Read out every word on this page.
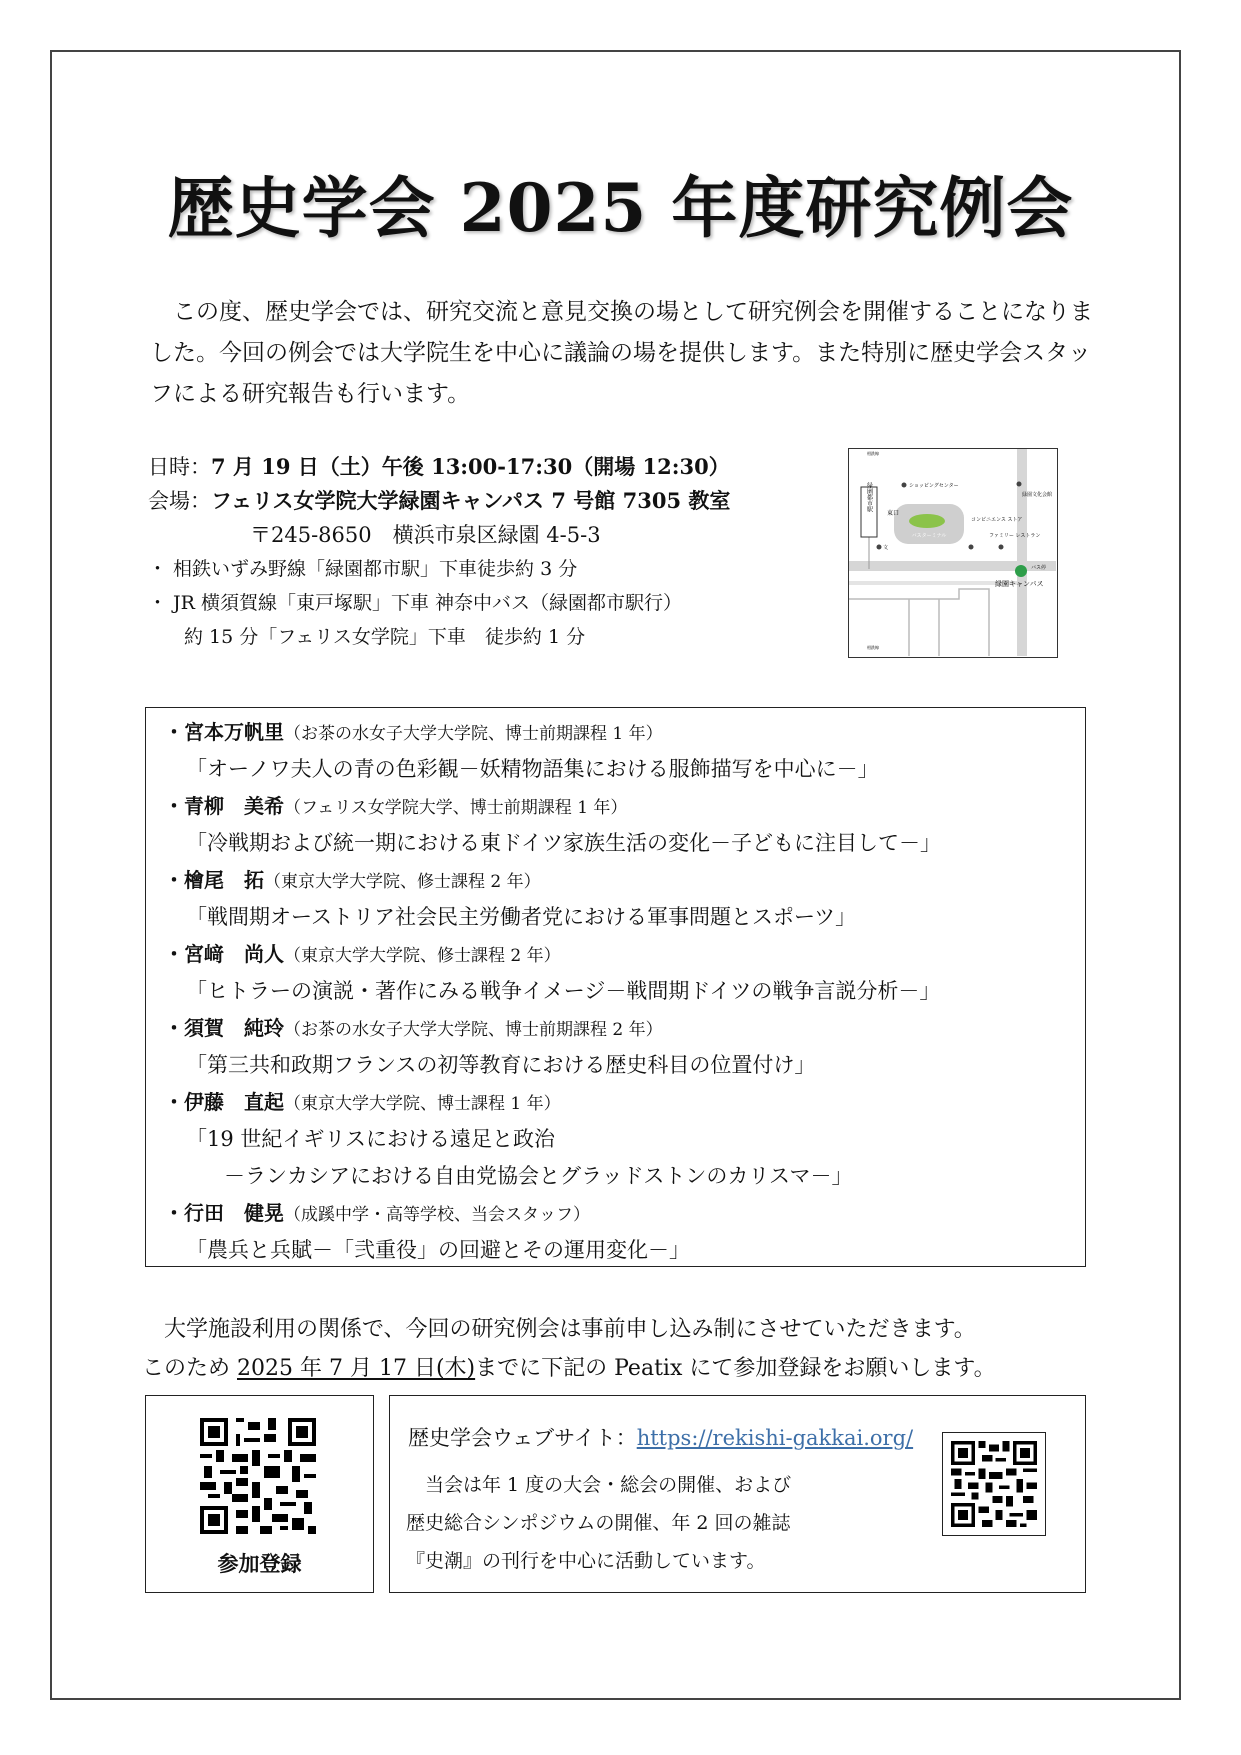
歴史学会 2025 年度研究例会

この度、歴史学会では、研究交流と意見交換の場として研究例会を開催することになりました。今回の例会では大学院生を中心に議論の場を提供します。また特別に歴史学会スタッフによる研究報告も行います。

日時：7 月 19 日（土）午後 13:00-17:30（開場 12:30）
会場：フェリス女学院大学緑園キャンパス 7 号館 7305 教室
〒245-8650　横浜市泉区緑園 4-5-3
・ 相鉄いずみ野線「緑園都市駅」下車徒歩約 3 分
・ JR 横須賀線「東戸塚駅」下車 神奈中バス（緑園都市駅行）
約 15 分「フェリス女学院」下車　徒歩約 1 分
緑園都市駅
相鉄線
相鉄線
バスターミナル
東口
ショッピングセンター
緑園文化会館
コンビニエンス ストア
ファミリー レストラン
文
バス停
緑園キャンパス
・宮本万帆里（お茶の水女子大学大学院、博士前期課程 1 年）
「オーノワ夫人の青の色彩観－妖精物語集における服飾描写を中心に－」
・青柳　美希（フェリス女学院大学、博士前期課程 1 年）
「冷戦期および統一期における東ドイツ家族生活の変化－子どもに注目して－」
・檜尾　拓（東京大学大学院、修士課程 2 年）
「戦間期オーストリア社会民主労働者党における軍事問題とスポーツ」
・宮﨑　尚人（東京大学大学院、修士課程 2 年）
「ヒトラーの演説・著作にみる戦争イメージ－戦間期ドイツの戦争言説分析－」
・須賀　純玲（お茶の水女子大学大学院、博士前期課程 2 年）
「第三共和政期フランスの初等教育における歴史科目の位置付け」
・伊藤　直起（東京大学大学院、博士課程 1 年）
「19 世紀イギリスにおける遠足と政治
－ランカシアにおける自由党協会とグラッドストンのカリスマ－」
・行田　健晃（成蹊中学・高等学校、当会スタッフ）
「農兵と兵賦－「弐重役」の回避とその運用変化－」

大学施設利用の関係で、今回の研究例会は事前申し込み制にさせていただきます。

このため 2025 年 7 月 17 日(木)までに下記の Peatix にて参加登録をお願いします。

参加登録
歴史学会ウェブサイト：https://rekishi-gakkai.org/

当会は年 1 度の大会・総会の開催、および

歴史総合シンポジウムの開催、年 2 回の雑誌

『史潮』の刊行を中心に活動しています。
